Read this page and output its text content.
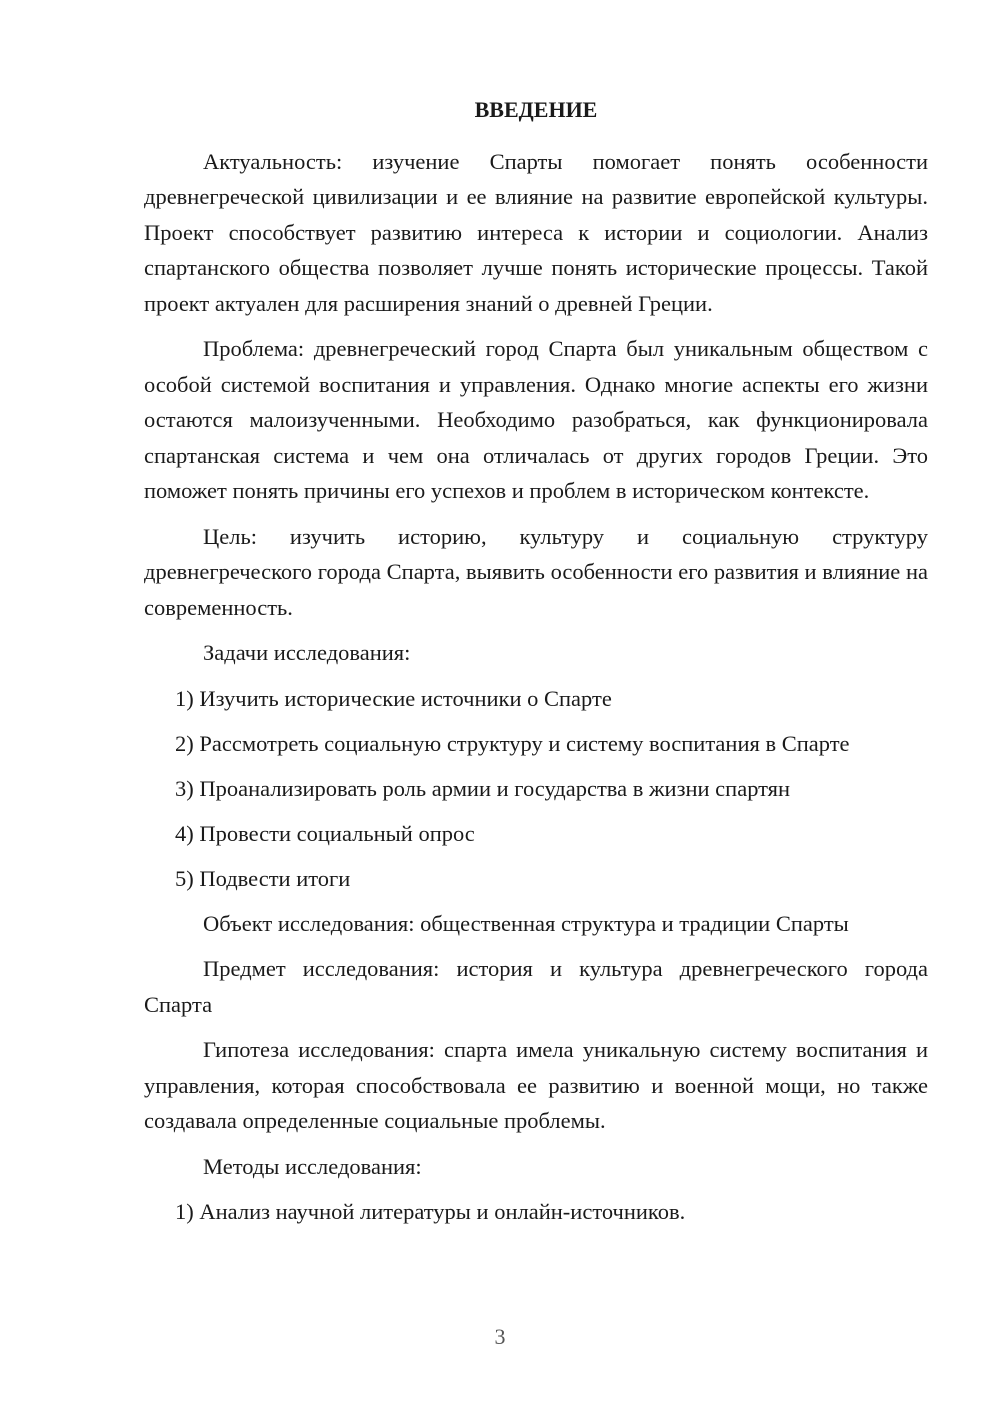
ВВЕДЕНИЕ

Актуальность: изучение Спарты помогает понять особенности древнегреческой цивилизации и ее влияние на развитие европейской культуры. Проект способствует развитию интереса к истории и социологии. Анализ спартанского общества позволяет лучше понять исторические процессы. Такой проект актуален для расширения знаний о древней Греции.

Проблема: древнегреческий город Спарта был уникальным обществом с особой системой воспитания и управления. Однако многие аспекты его жизни остаются малоизученными. Необходимо разобраться, как функционировала спартанская система и чем она отличалась от других городов Греции. Это поможет понять причины его успехов и проблем в историческом контексте.

Цель: изучить историю, культуру и социальную структуру древнегреческого города Спарта, выявить особенности его развития и влияние на современность.

Задачи исследования:
1) Изучить исторические источники о Спарте
2) Рассмотреть социальную структуру и систему воспитания в Спарте
3) Проанализировать роль армии и государства в жизни спартян
4) Провести социальный опрос
5) Подвести итоги
Объект исследования: общественная структура и традиции Спарты

Предмет исследования: история и культура древнегреческого города Спарта

Гипотеза исследования: спарта имела уникальную систему воспитания и управления, которая способствовала ее развитию и военной мощи, но также создавала определенные социальные проблемы.

Методы исследования:
1) Анализ научной литературы и онлайн-источников.
3
